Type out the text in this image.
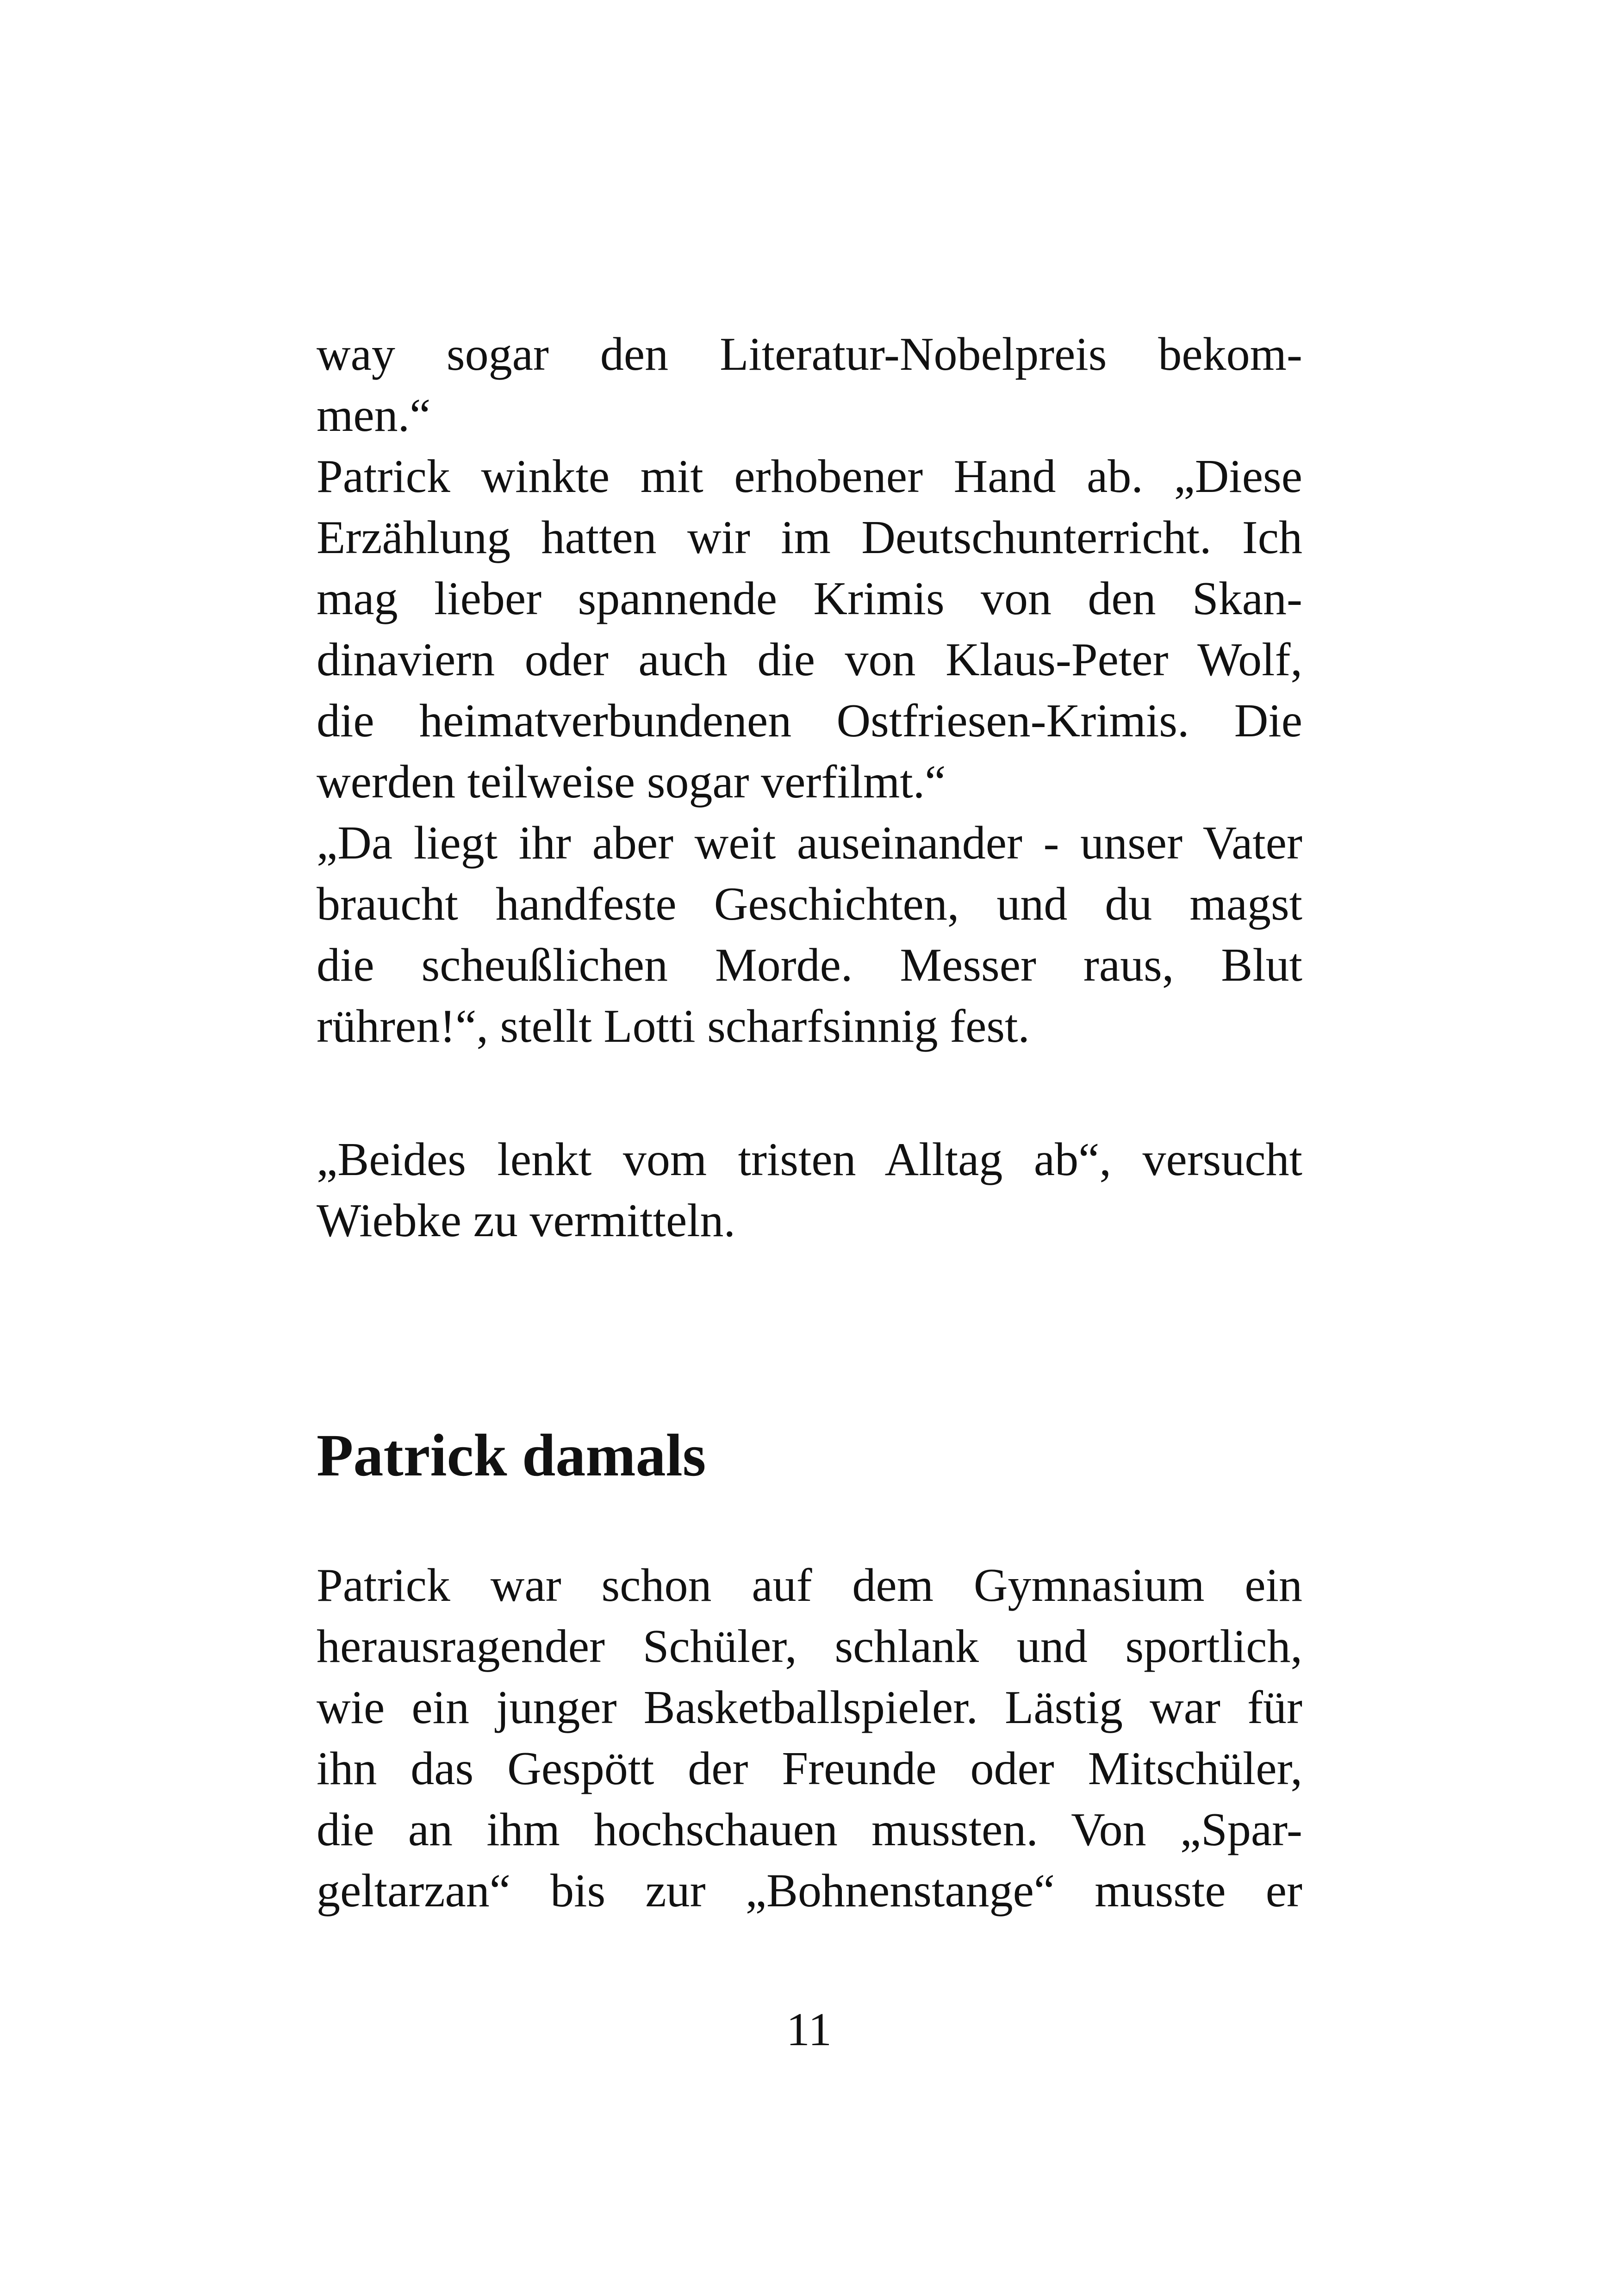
way sogar den Literatur-Nobelpreis bekom-
men.“
Patrick winkte mit erhobener Hand ab. „Diese
Erzählung hatten wir im Deutschunterricht. Ich
mag lieber spannende Krimis von den Skan-
dinaviern oder auch die von Klaus-Peter Wolf,
die heimatverbundenen Ostfriesen-Krimis. Die
werden teilweise sogar verfilmt.“
„Da liegt ihr aber weit auseinander - unser Vater
braucht handfeste Geschichten, und du magst
die scheußlichen Morde. Messer raus, Blut
rühren!“, stellt Lotti scharfsinnig fest.
„Beides lenkt vom tristen Alltag ab“, versucht
Wiebke zu vermitteln.
Patrick damals
Patrick war schon auf dem Gymnasium ein
herausragender Schüler, schlank und sportlich,
wie ein junger Basketballspieler. Lästig war für
ihn das Gespött der Freunde oder Mitschüler,
die an ihm hochschauen mussten. Von „Spar-
geltarzan“ bis zur „Bohnenstange“ musste er
11
